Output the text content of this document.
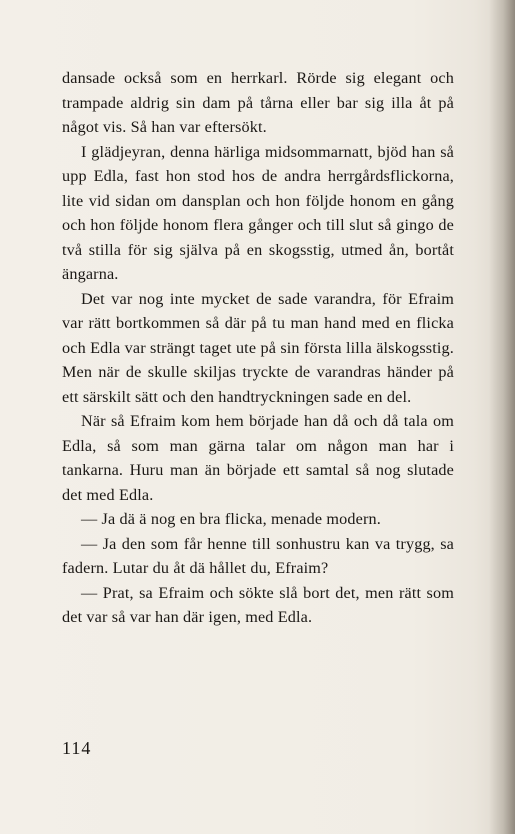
dansade också som en herrkarl. Rörde sig elegant och trampade aldrig sin dam på tårna eller bar sig illa åt på något vis. Så han var eftersökt.

I glädjeyran, denna härliga midsommarnatt, bjöd han så upp Edla, fast hon stod hos de andra herrgårdsflickorna, lite vid sidan om dansplan och hon följde honom en gång och hon följde honom flera gånger och till slut så gingo de två stilla för sig själva på en skogsstig, utmed ån, bortåt ängarna.

Det var nog inte mycket de sade varandra, för Efraim var rätt bortkommen så där på tu man hand med en flicka och Edla var strängt taget ute på sin första lilla älskogsstig. Men när de skulle skiljas tryckte de varandras händer på ett särskilt sätt och den handtryckningen sade en del.

När så Efraim kom hem började han då och då tala om Edla, så som man gärna talar om någon man har i tankarna. Huru man än började ett samtal så nog slutade det med Edla.

— Ja dä ä nog en bra flicka, menade modern.

— Ja den som får henne till sonhustru kan va trygg, sa fadern. Lutar du åt dä hållet du, Efraim?

— Prat, sa Efraim och sökte slå bort det, men rätt som det var så var han där igen, med Edla.

114
